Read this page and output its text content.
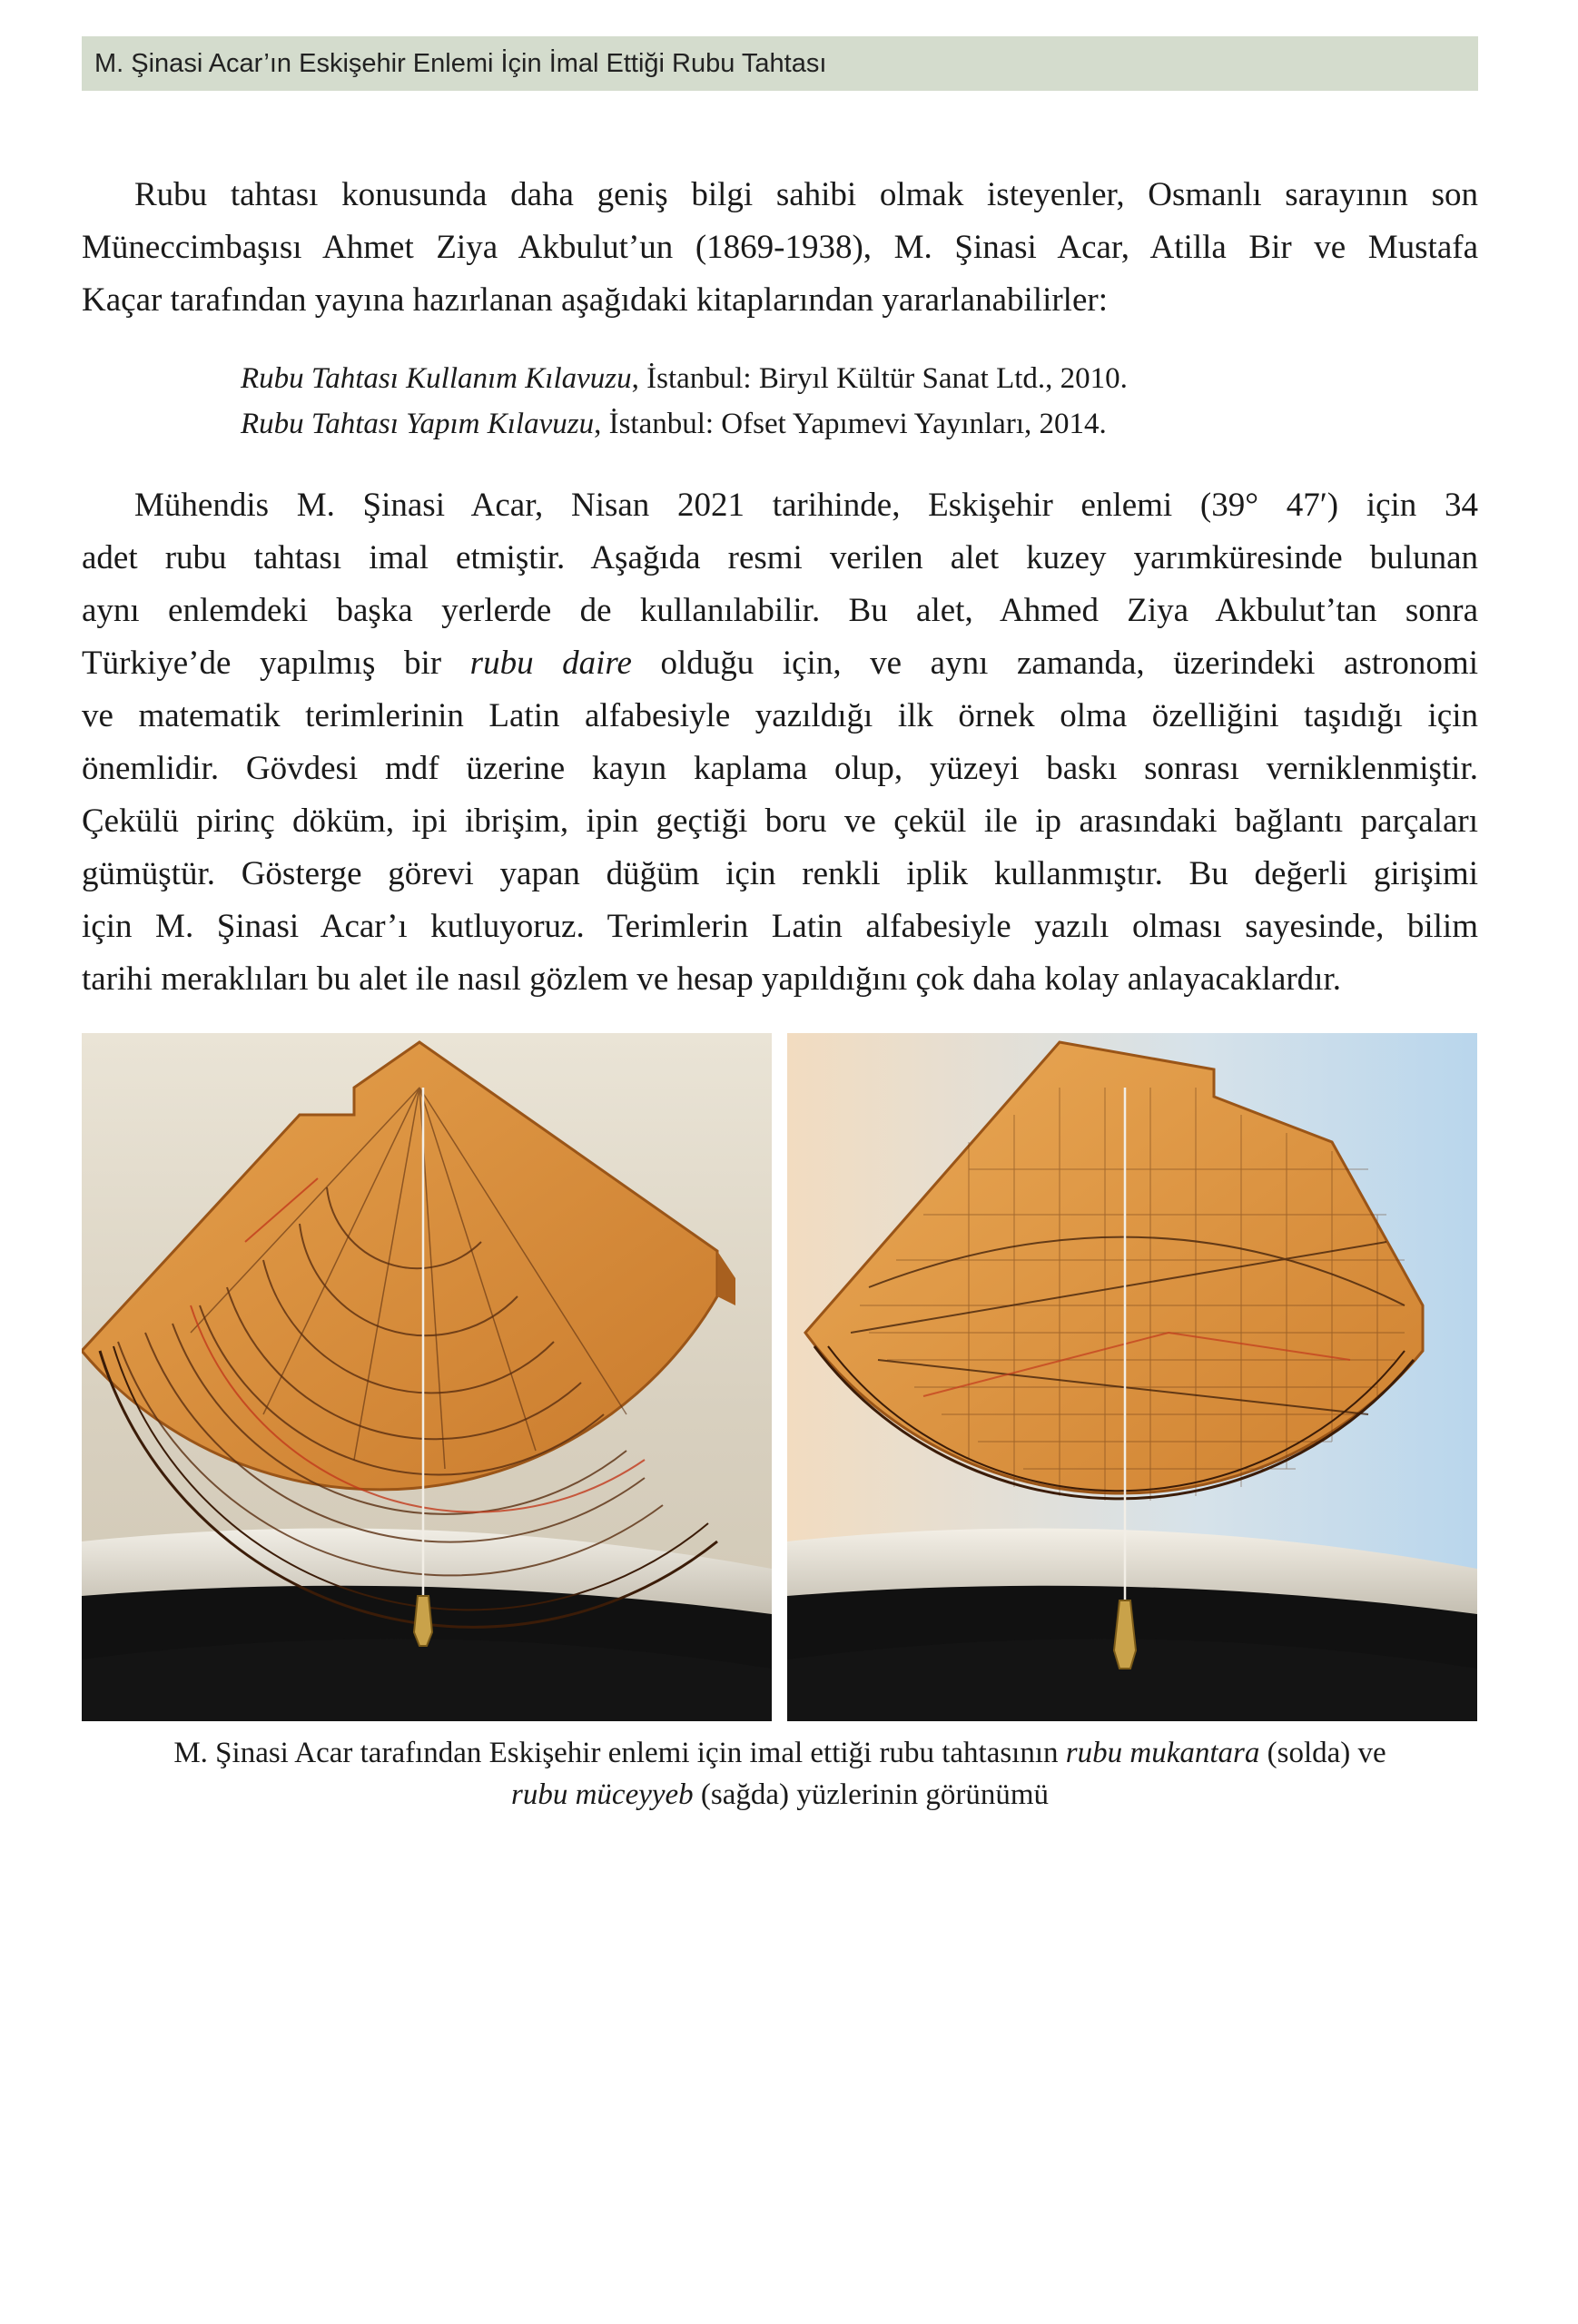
M. Şinasi Acar’ın Eskişehir Enlemi İçin İmal Ettiği Rubu Tahtası
Rubu tahtası konusunda daha geniş bilgi sahibi olmak isteyenler, Osmanlı sarayının son
Müneccimbaşısı Ahmet Ziya Akbulut’un (1869-1938), M. Şinasi Acar, Atilla Bir ve Mustafa
Kaçar tarafından yayına hazırlanan aşağıdaki kitaplarından yararlanabilirler:
Rubu Tahtası Kullanım Kılavuzu, İstanbul: Biryıl Kültür Sanat Ltd., 2010.
Rubu Tahtası Yapım Kılavuzu, İstanbul: Ofset Yapımevi Yayınları, 2014.
Mühendis M. Şinasi Acar, Nisan 2021 tarihinde, Eskişehir enlemi (39° 47′) için 34
adet rubu tahtası imal etmiştir. Aşağıda resmi verilen alet kuzey yarımküresinde bulunan
aynı enlemdeki başka yerlerde de kullanılabilir. Bu alet, Ahmed Ziya Akbulut’tan sonra
Türkiye’de yapılmış bir rubu daire olduğu için, ve aynı zamanda, üzerindeki astronomi
ve matematik terimlerinin Latin alfabesiyle yazıldığı ilk örnek olma özelliğini taşıdığı için
önemlidir. Gövdesi mdf üzerine kayın kaplama olup, yüzeyi baskı sonrası verniklenmiştir.
Çekülü pirinç döküm, ipi ibrişim, ipin geçtiği boru ve çekül ile ip arasındaki bağlantı parçaları
gümüştür. Gösterge görevi yapan düğüm için renkli iplik kullanmıştır. Bu değerli girişimi
için M. Şinasi Acar’ı kutluyoruz. Terimlerin Latin alfabesiyle yazılı olması sayesinde, bilim
tarihi meraklıları bu alet ile nasıl gözlem ve hesap yapıldığını çok daha kolay anlayacaklardır.
M. Şinasi Acar tarafından Eskişehir enlemi için imal ettiği rubu tahtasının rubu mukantara (solda) ve
rubu müceyyeb (sağda) yüzlerinin görünümü
